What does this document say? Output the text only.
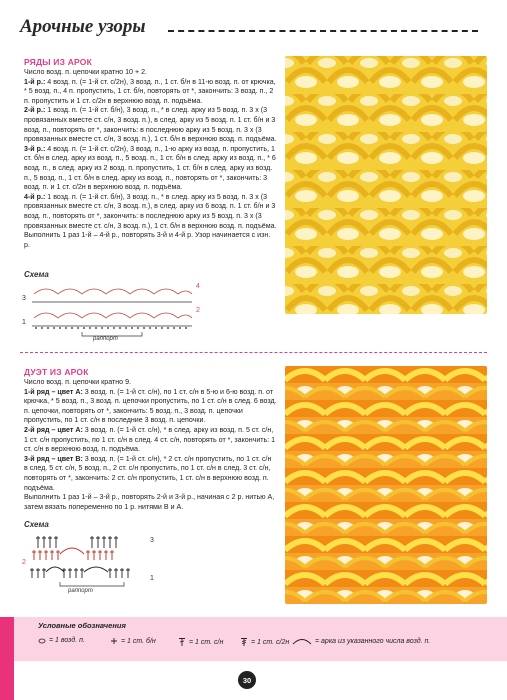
Арочные узоры
РЯДЫ ИЗ АРОК

Число возд. п. цепочки кратно 10 + 2.

1-й р.: 4 возд. п. (= 1-й ст. с/2н), 3 возд. п., 1 ст. б/н в 11-ю возд. п. от крючка, * 5 возд. п., 4 п. пропустить, 1 ст. б/н, повторять от *, закончить: 3 возд. п., 2 п. пропустить и 1 ст. с/2н в верхнюю возд. п. подъёма.

2-й р.: 1 возд. п. (= 1-й ст. б/н), 3 возд. п., * в след. арку из 5 возд. п. 3 х (3 провязанных вместе ст. с/н, 3 возд. п.), в след. арку из 5 возд. п. 1 ст. б/н и 3 возд. п., повторять от *, закончить: в последнюю арку из 5 возд. п. 3 х (3 провязанных вместе ст. с/н, 3 возд. п.), 1 ст. б/н в верхнюю возд. п. подъёма.

3-й р.: 4 возд. п. (= 1-й ст. с/2н), 3 возд. п., 1-ю арку из возд. п. пропустить, 1 ст. б/н в след. арку из возд. п., 5 возд. п., 1 ст. б/н в след. арку из возд. п., * 6 возд. п., в след. арку из 2 возд. п. пропустить, 1 ст. б/н в след. арку из возд. п., 5 возд. п., 1 ст. б/н в след. арку из возд. п., повторять от *, закончить: 3 возд. п. и 1 ст. с/2н в верхнюю возд. п. подъёма.

4-й р.: 1 возд. п. (= 1-й ст. б/н), 3 возд. п., * в след. арку из 5 возд. п. 3 х (3 провязанных вместе ст. с/н, 3 возд. п.), в след. арку из 6 возд. п. 1 ст. б/н и 3 возд. п., повторять от *, закончить: в последнюю арку из 5 возд. п. 3 х (3 провязанных вместе ст. с/н, 3 возд. п.), 1 ст. б/н в верхнюю возд. п. подъёма.

Выполнить 1 раз 1-й – 4-й р., повторять 3-й и 4-й р. Узор начинается с изн. р.

Схема
3
1
4
2
раппорт
ДУЭТ ИЗ АРОК

Число возд. п. цепочки кратно 9.

1-й ряд – цвет А: 3 возд. п. (= 1-й ст. с/н), по 1 ст. с/н в 5-ю и 6-ю возд. п. от крючка, * 5 возд. п., 3 возд. п. цепочки пропустить, по 1 ст. с/н в след. 6 возд. п. цепочки, повторять от *, закончить: 5 возд. п., 3 возд. п. цепочки пропустить, по 1 ст. с/н в последние 3 возд. п. цепочки.

2-й ряд – цвет А: 3 возд. п. (= 1-й ст. с/н), * в след. арку из возд. п. 5 ст. с/н, 1 ст. с/н пропустить, по 1 ст. с/н в след. 4 ст. с/н, повторять от *, закончить: 1 ст. с/н в верхнюю возд. п. подъёма.

3-й ряд – цвет В: 3 возд. п. (= 1-й ст. с/н), * 2 ст. с/н пропустить, по 1 ст. с/н в след. 5 ст. с/н, 5 возд. п., 2 ст. с/н пропустить, по 1 ст. с/н в след. 3 ст. с/н, повторять от *, закончить: 2 ст. с/н пропустить, 1 ст. с/н в верхнюю возд. п. подъёма.

Выполнить 1 раз 1-й – 3-й р., повторять 2-й и 3-й р., начиная с 2 р. нитью А, затем вязать попеременно по 1 р. нитями В и А.

Схема
3
2
1
раппорт
Условные обозначения
= 1 возд. п.	= 1 ст. б/н	= 1 ст. с/н	= 1 ст. с/2н	= арка из указанного числа возд. п.
30
